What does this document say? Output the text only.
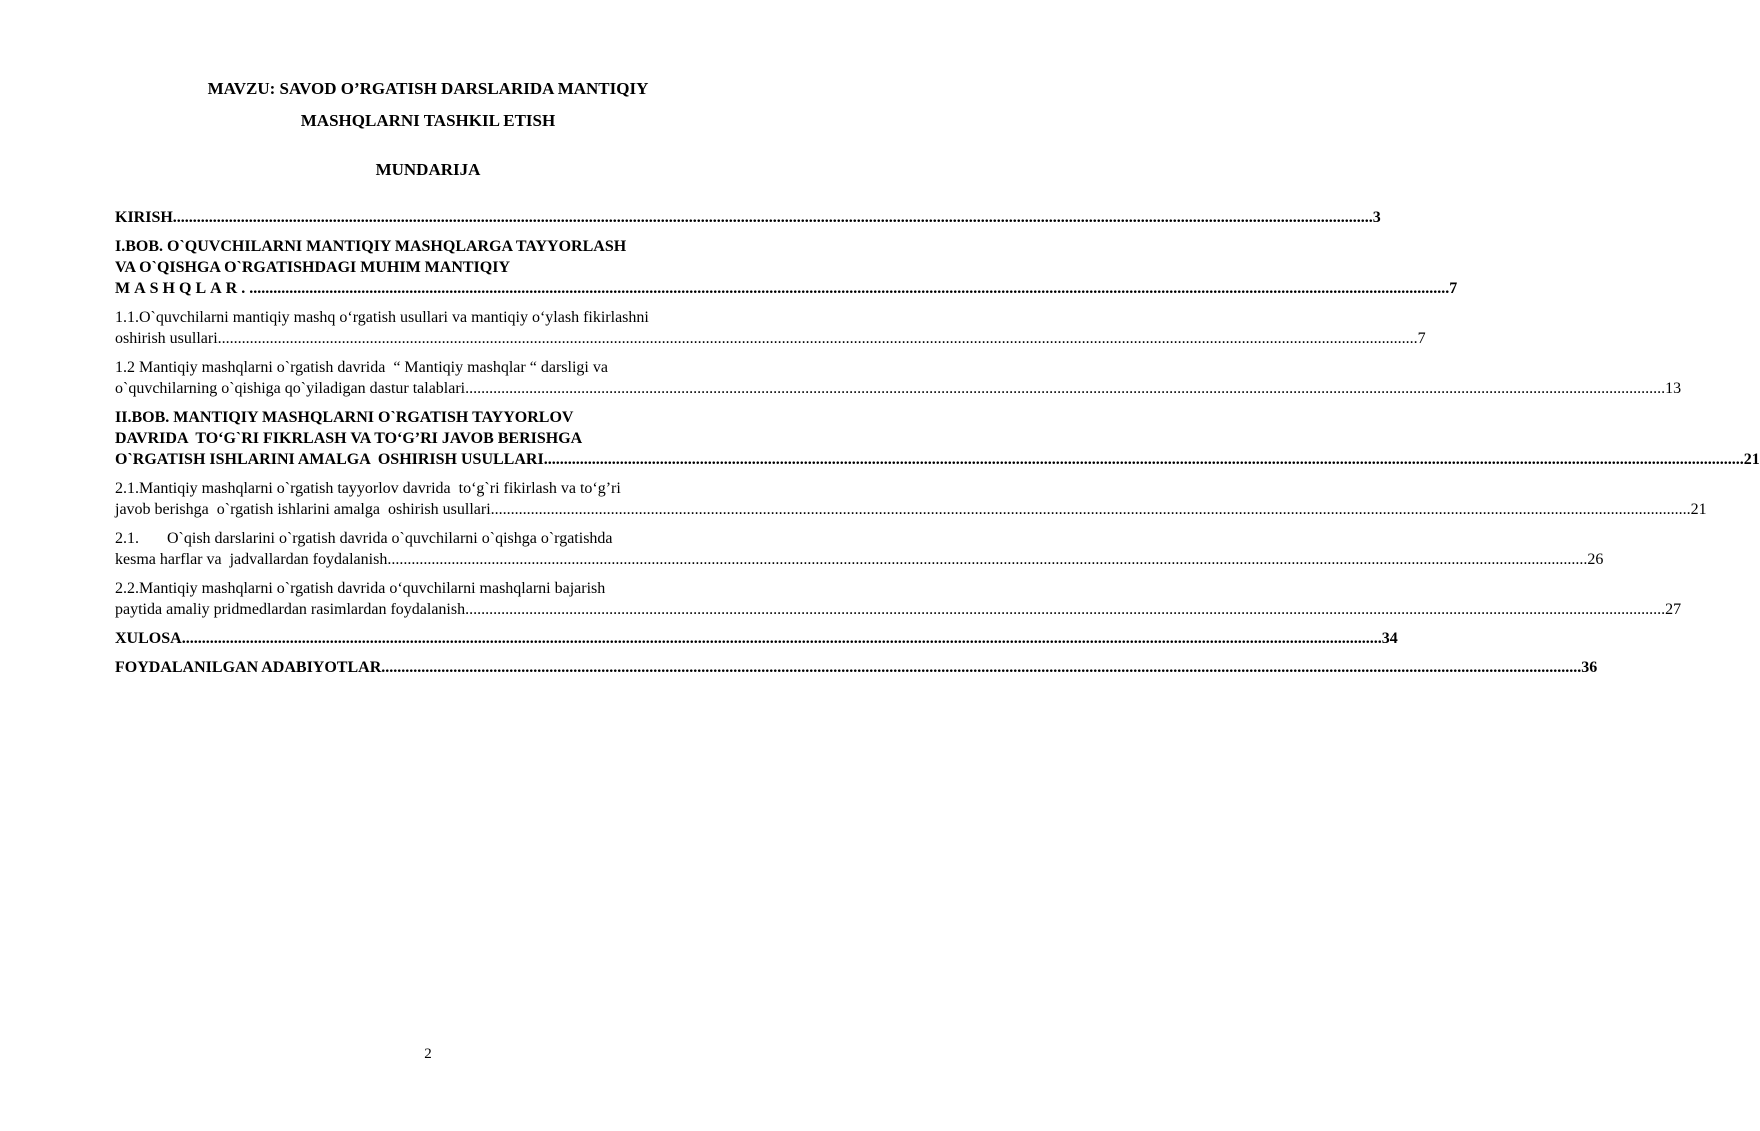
MAVZU: SAVOD O’RGATISH DARSLARIDA MANTIQIY

MASHQLARNI TASHKIL ETISH

MUNDARIJA

KIRISH ............................................................................................................................................................................................................................................................................................................ 3
I.BOB. O`QUVCHILARNI MANTIQIY MASHQLARGA TAYYORLASH
VA O`QISHGA O`RGATISHDAGI MUHIM MANTIQIY
MASHQLAR. ............................................................................................................................................................................................................................................................................................................ 7
1.1.O`quvchilarni mantiqiy mashq o‘rgatish usullari va mantiqiy o‘ylash fikirlashni
oshirish usullari ............................................................................................................................................................................................................................................................................................................ 7
1.2 Mantiqiy mashqlarni o`rgatish davrida  “ Mantiqiy mashqlar “ darsligi va
o`quvchilarning o`qishiga qo`yiladigan dastur talablari ............................................................................................................................................................................................................................................................................................................ 13
II.BOB. MANTIQIY MASHQLARNI O`RGATISH TAYYORLOV
DAVRIDA  TO‘G`RI FIKRLASH VA TO‘G’RI JAVOB BERISHGA
O`RGATISH ISHLARINI AMALGA  OSHIRISH USULLARI ............................................................................................................................................................................................................................................................................................................ 21
2.1.Mantiqiy mashqlarni o`rgatish tayyorlov davrida  to‘g`ri fikirlash va to‘g’ri
javob berishga  o`rgatish ishlarini amalga  oshirish usullari ............................................................................................................................................................................................................................................................................................................ 21
2.1.       O`qish darslarini o`rgatish davrida o`quvchilarni o`qishga o`rgatishda
kesma harflar va  jadvallardan foydalanish ............................................................................................................................................................................................................................................................................................................ 26
2.2.Mantiqiy mashqlarni o`rgatish davrida o‘quvchilarni mashqlarni bajarish
paytida amaliy pridmedlardan rasimlardan foydalanish ............................................................................................................................................................................................................................................................................................................ 27
XULOSA ............................................................................................................................................................................................................................................................................................................ 34
FOYDALANILGAN ADABIYOTLAR ............................................................................................................................................................................................................................................................................................................ 36
2
